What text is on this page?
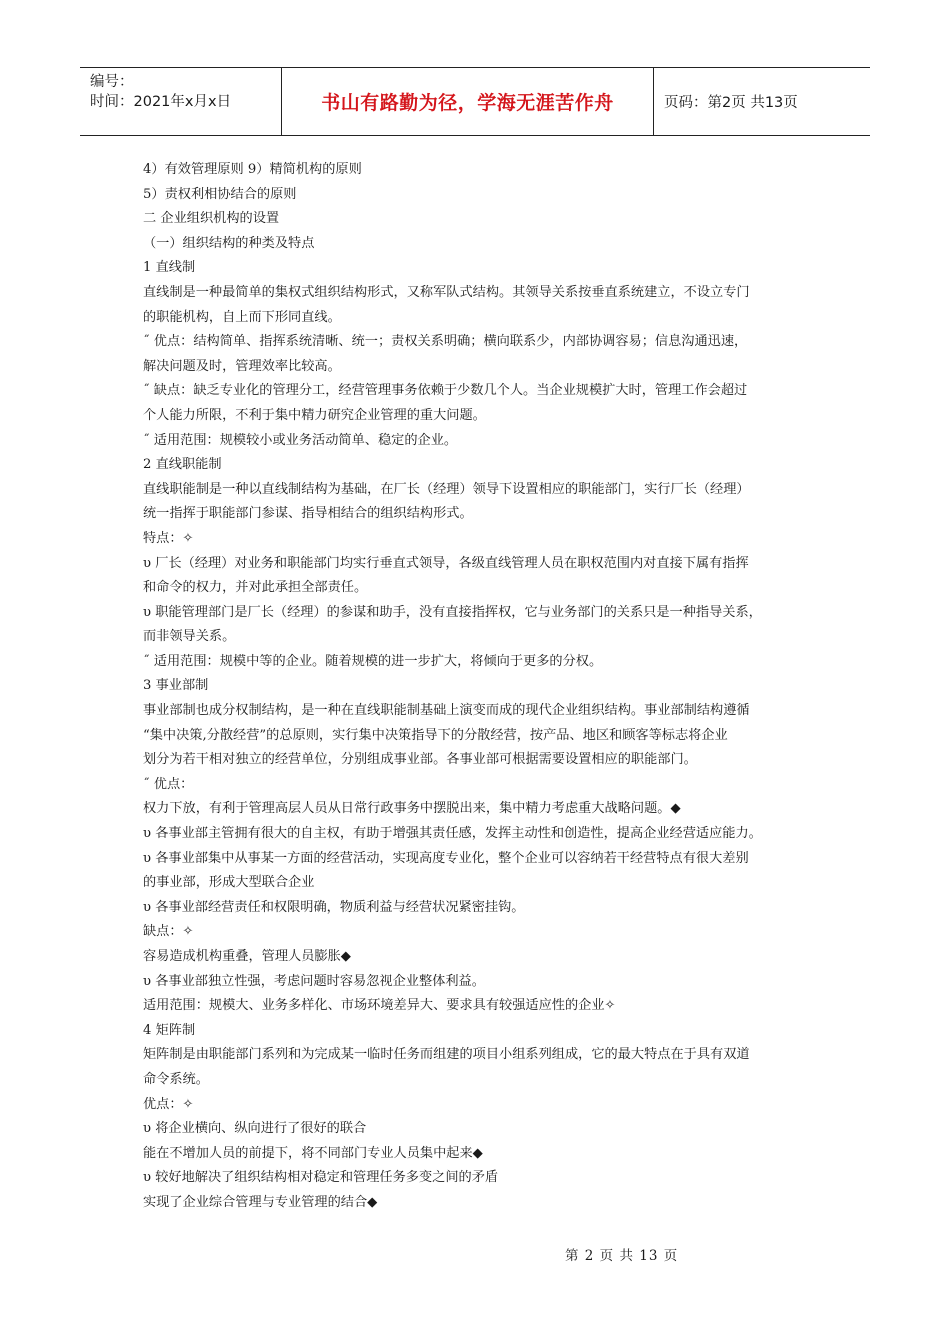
编号：
时间：2021年x月x日	书山有路勤为径，学海无涯苦作舟	页码：第2页 共13页
4）有效管理原则 9）精简机构的原则
5）责权利相协结合的原则
二 企业组织机构的设置
（一）组织结构的种类及特点
1 直线制
直线制是一种最简单的集权式组织结构形式，又称军队式结构。其领导关系按垂直系统建立，不设立专门
的职能机构，自上而下形同直线。
˝ 优点：结构简单、指挥系统清晰、统一；责权关系明确；横向联系少，内部协调容易；信息沟通迅速，
解决问题及时，管理效率比较高。
˝ 缺点：缺乏专业化的管理分工，经营管理事务依赖于少数几个人。当企业规模扩大时，管理工作会超过
个人能力所限，不利于集中精力研究企业管理的重大问题。
˝ 适用范围：规模较小或业务活动简单、稳定的企业。
2 直线职能制
直线职能制是一种以直线制结构为基础，在厂长（经理）领导下设置相应的职能部门，实行厂长（经理）
统一指挥于职能部门参谋、指导相结合的组织结构形式。
特点：✧
υ 厂长（经理）对业务和职能部门均实行垂直式领导，各级直线管理人员在职权范围内对直接下属有指挥
和命令的权力，并对此承担全部责任。
υ 职能管理部门是厂长（经理）的参谋和助手，没有直接指挥权，它与业务部门的关系只是一种指导关系，
而非领导关系。
˝ 适用范围：规模中等的企业。随着规模的进一步扩大，将倾向于更多的分权。
3 事业部制
事业部制也成分权制结构，是一种在直线职能制基础上演变而成的现代企业组织结构。事业部制结构遵循
“集中决策,分散经营”的总原则，实行集中决策指导下的分散经营，按产品、地区和顾客等标志将企业
划分为若干相对独立的经营单位，分别组成事业部。各事业部可根据需要设置相应的职能部门。
˝ 优点：
权力下放，有利于管理高层人员从日常行政事务中摆脱出来，集中精力考虑重大战略问题。◆
υ 各事业部主管拥有很大的自主权，有助于增强其责任感，发挥主动性和创造性，提高企业经营适应能力。
υ 各事业部集中从事某一方面的经营活动，实现高度专业化，整个企业可以容纳若干经营特点有很大差别
的事业部，形成大型联合企业
υ 各事业部经营责任和权限明确，物质利益与经营状况紧密挂钩。
缺点：✧
容易造成机构重叠，管理人员膨胀◆
υ 各事业部独立性强，考虑问题时容易忽视企业整体利益。
适用范围：规模大、业务多样化、市场环境差异大、要求具有较强适应性的企业✧
4 矩阵制
矩阵制是由职能部门系列和为完成某一临时任务而组建的项目小组系列组成，它的最大特点在于具有双道
命令系统。
优点：✧
υ 将企业横向、纵向进行了很好的联合
能在不增加人员的前提下，将不同部门专业人员集中起来◆
υ 较好地解决了组织结构相对稳定和管理任务多变之间的矛盾
实现了企业综合管理与专业管理的结合◆
第 2 页 共 13 页
